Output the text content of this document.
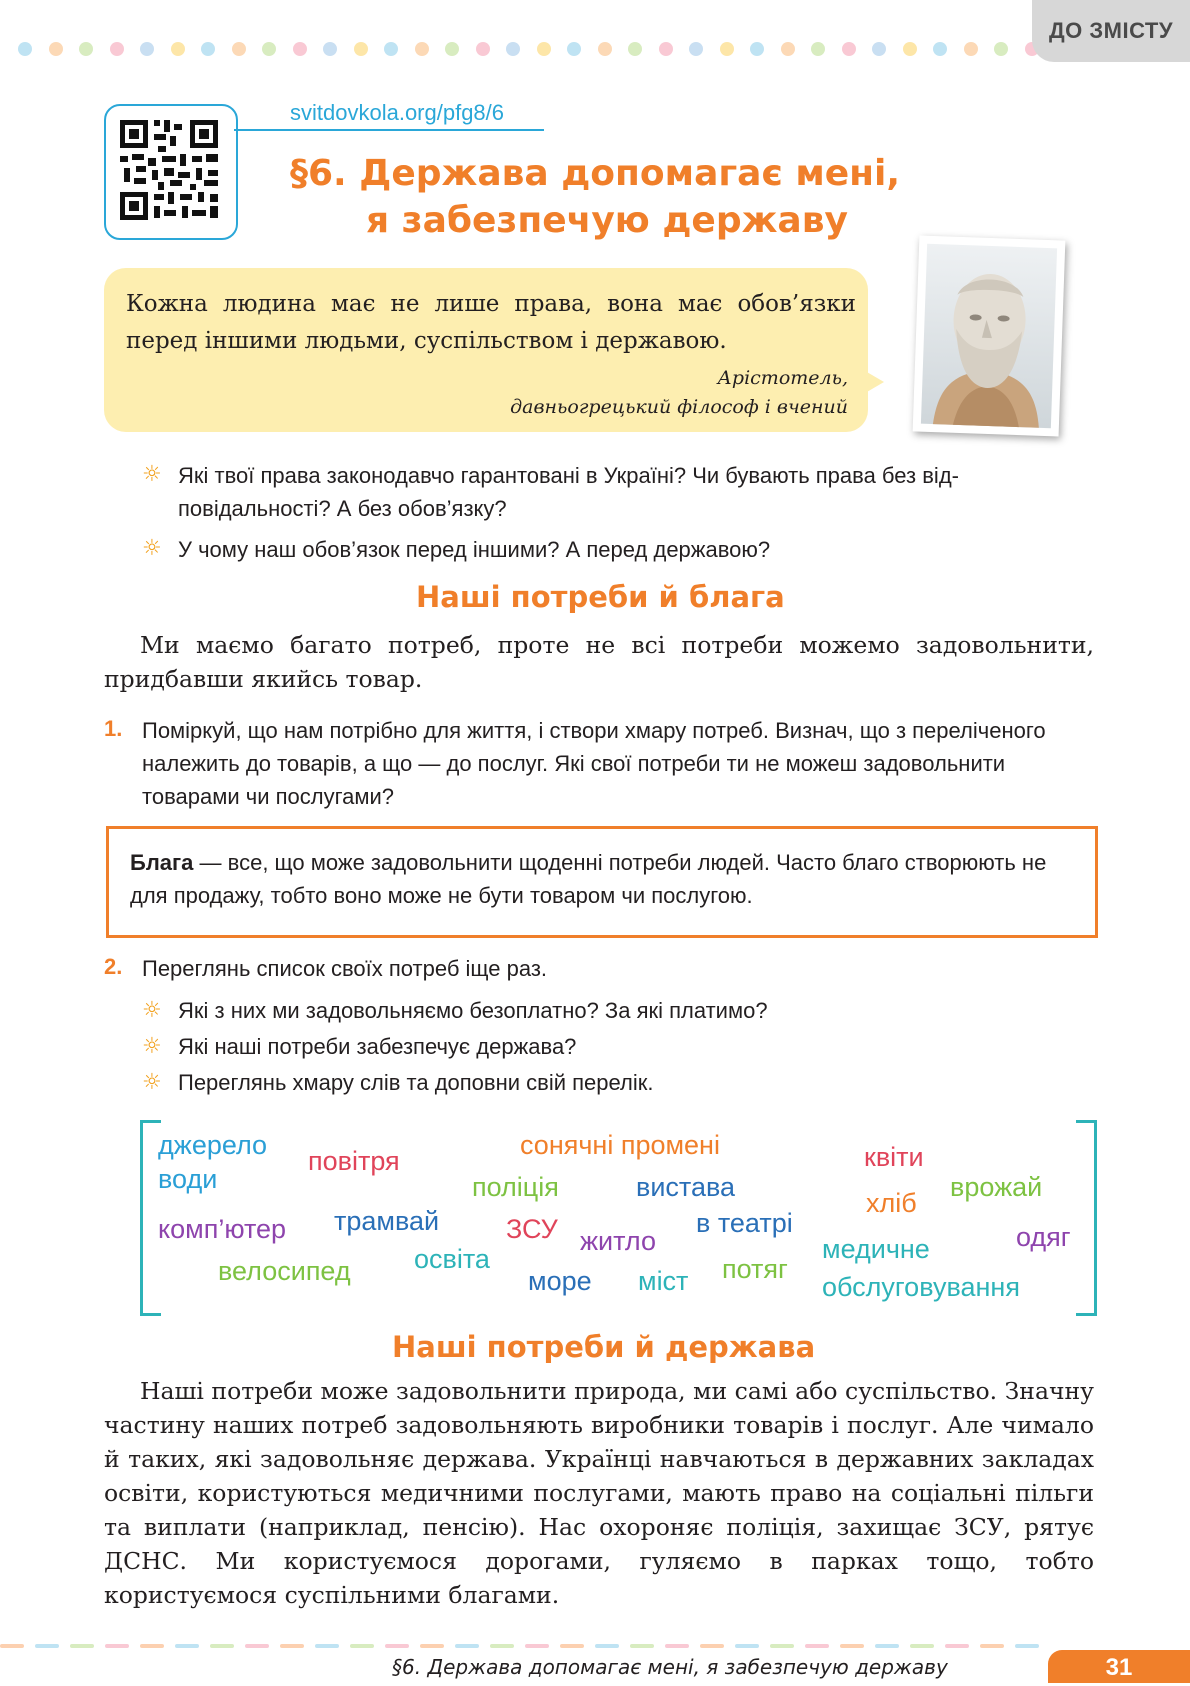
ДО ЗМІСТУ
svitdovkola.org/pfg8/6
§6. Держава допомагає мені,
я забезпечую державу
Кожна людина має не лише права, вона має обов’язки перед іншими людьми, суспільством і державою.
Арістотель,
давньогрецький філософ і вчений
☼ Які твої права законодавчо гарантовані в Україні? Чи бувають права без відповідальності? А без обов’язку?
☼ У чому наш обов’язок перед іншими? А перед державою?
Наші потреби й блага
Ми маємо багато потреб, проте не всі потреби можемо задовольнити, придбавши якийсь товар.
1. Поміркуй, що нам потрібно для життя, і створи хмару потреб. Визнач, що з переліченого належить до товарів, а що — до послуг. Які свої потреби ти не можеш задовольнити товарами чи послугами?
Блага — все, що може задовольнити щоденні потреби людей. Часто благо створюють не для продажу, тобто воно може не бути товаром чи послугою.
2. Переглянь список своїх потреб іще раз.
☼ Які з них ми задовольняємо безоплатно? За які платимо?
☼ Які наші потреби забезпечує держава?
☼ Переглянь хмару слів та доповни свій перелік.
джерело
води
повітря
сонячні промені	квіти
поліція	вистава
хліб
врожай
комп’ютер трамвай ЗСУ житло
в театрі
медичне	одяг
велосипед освіта
море міст потяг
обслуговування
Наші потреби й держава
Наші потреби може задовольнити природа, ми самі або суспільство. Значну частину наших потреб задовольняють виробники товарів і послуг. Але чимало й таких, які задовольняє держава. Українці навчаються в державних закладах освіти, користуються медичними послугами, мають право на соціальні пільги та виплати (наприклад, пенсію). Нас охороняє поліція, захищає ЗСУ, рятує ДСНС. Ми користуємося дорогами, гуляємо в парках тощо, тобто користуємося суспільними благами.
§6. Держава допомагає мені, я забезпечую державу	31
